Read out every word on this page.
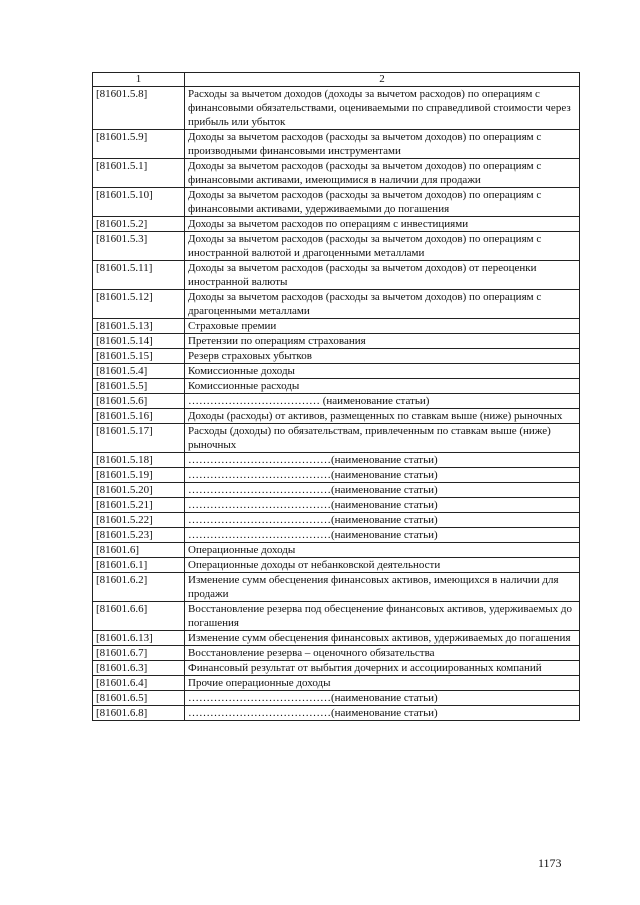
1	2
[81601.5.8]	Расходы за вычетом доходов (доходы за вычетом расходов) по операциям с финансовыми обязательствами, оцениваемыми по справедливой стоимости через прибыль или убыток
[81601.5.9]	Доходы за вычетом расходов (расходы за вычетом доходов) по операциям с производными финансовыми инструментами
[81601.5.1]	Доходы за вычетом расходов (расходы за вычетом доходов) по операциям с финансовыми активами, имеющимися в наличии для продажи
[81601.5.10]	Доходы за вычетом расходов (расходы за вычетом доходов) по операциям с финансовыми активами, удерживаемыми до погашения
[81601.5.2]	Доходы за вычетом расходов по операциям с инвестициями
[81601.5.3]	Доходы за вычетом расходов (расходы за вычетом доходов) по операциям с иностранной валютой и драгоценными металлами
[81601.5.11]	Доходы за вычетом расходов (расходы за вычетом доходов) от переоценки иностранной валюты
[81601.5.12]	Доходы за вычетом расходов (расходы за вычетом доходов) по операциям с драгоценными металлами
[81601.5.13]	Страховые премии
[81601.5.14]	Претензии по операциям страхования
[81601.5.15]	Резерв страховых убытков
[81601.5.4]	Комиссионные доходы
[81601.5.5]	Комиссионные расходы
[81601.5.6]	……………………………… (наименование статьи)
[81601.5.16]	Доходы (расходы) от активов, размещенных по ставкам выше (ниже) рыночных
[81601.5.17]	Расходы (доходы) по обязательствам, привлеченным по ставкам выше (ниже) рыночных
[81601.5.18]	…………………………………(наименование статьи)
[81601.5.19]	…………………………………(наименование статьи)
[81601.5.20]	…………………………………(наименование статьи)
[81601.5.21]	…………………………………(наименование статьи)
[81601.5.22]	…………………………………(наименование статьи)
[81601.5.23]	…………………………………(наименование статьи)
[81601.6]	Операционные доходы
[81601.6.1]	Операционные доходы от небанковской деятельности
[81601.6.2]	Изменение сумм обесценения финансовых активов, имеющихся в наличии для продажи
[81601.6.6]	Восстановление резерва под обесценение финансовых активов, удерживаемых до погашения
[81601.6.13]	Изменение сумм обесценения финансовых активов, удерживаемых до погашения
[81601.6.7]	Восстановление резерва – оценочного обязательства
[81601.6.3]	Финансовый результат от выбытия дочерних и ассоциированных компаний
[81601.6.4]	Прочие операционные доходы
[81601.6.5]	…………………………………(наименование статьи)
[81601.6.8]	…………………………………(наименование статьи)
1173
